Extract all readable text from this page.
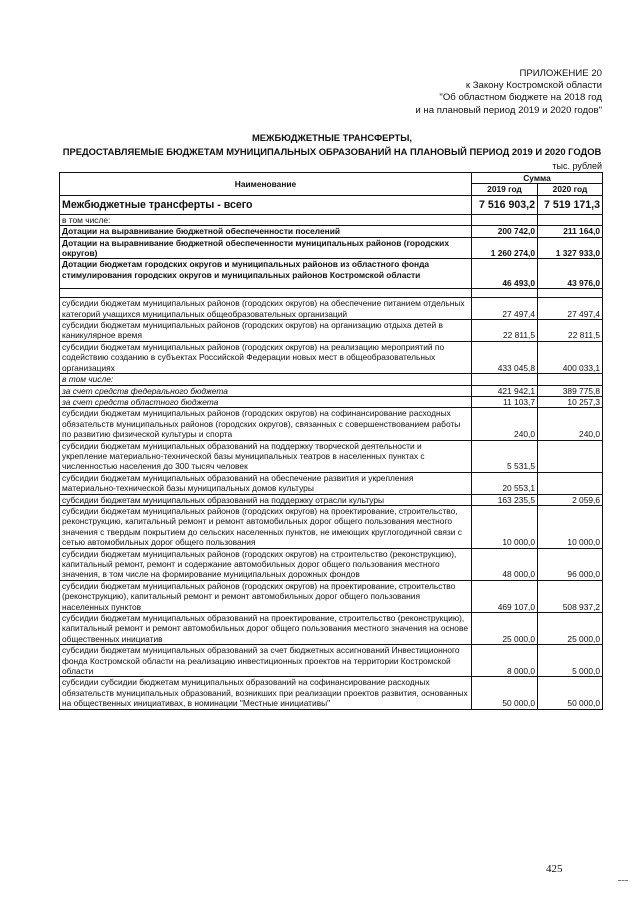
ПРИЛОЖЕНИЕ 20
к Закону Костромской области
"Об областном бюджете на 2018 год
и на плановый период 2019 и 2020 годов"
МЕЖБЮДЖЕТНЫЕ ТРАНСФЕРТЫ,
ПРЕДОСТАВЛЯЕМЫЕ БЮДЖЕТАМ МУНИЦИПАЛЬНЫХ ОБРАЗОВАНИЙ НА ПЛАНОВЫЙ ПЕРИОД 2019 И 2020 ГОДОВ
тыс. рублей
Наименование	Сумма	
	2019 год	2020 год
Межбюджетные трансферты - всего	7 516 903,2	7 519 171,3
в том числе:		
Дотации на выравнивание бюджетной обеспеченности поселений	200 742,0	211 164,0
Дотации на выравнивание бюджетной обеспеченности муниципальных районов (городских округов)	1 260 274,0	1 327 933,0
Дотации бюджетам городских округов и муниципальных районов из областного фонда стимулирования городских округов и муниципальных районов Костромской области	46 493,0	43 976,0

субсидии бюджетам муниципальных районов (городских округов) на обеспечение питанием отдельных категорий учащихся муниципальных общеобразовательных организаций	27 497,4	27 497,4
субсидии бюджетам муниципальных районов (городских округов) на организацию отдыха детей в каникулярное время	22 811,5	22 811,5
субсидии бюджетам муниципальных районов (городских округов) на реализацию мероприятий по содействию созданию в субъектах Российской Федерации новых мест в общеобразовательных организациях	433 045,8	400 033,1
в том числе:		
за счет средств федерального бюджета	421 942,1	389 775,8
за счет средств областного бюджета	11 103,7	10 257,3
субсидии бюджетам муниципальных районов (городских округов) на софинансирование расходных обязательств муниципальных районов (городских округов), связанных с совершенствованием работы по развитию физической культуры и спорта	240,0	240,0
субсидии бюджетам муниципальных образований на поддержку творческой деятельности и укрепление материально-технической базы муниципальных театров в населенных пунктах с численностью населения до 300 тысяч человек	5 531,5	
субсидии бюджетам муниципальных образований на обеспечение развития и укрепления материально-технической базы муниципальных домов культуры	20 553,1	
субсидии бюджетам муниципальных образований на поддержку отрасли культуры	163 235,5	2 059,6
субсидии бюджетам муниципальных районов (городских округов) на проектирование, строительство, реконструкцию, капитальный ремонт и ремонт автомобильных дорог общего пользования местного значения с твердым покрытием до сельских населенных пунктов, не имеющих круглогодичной связи с сетью автомобильных дорог общего пользования	10 000,0	10 000,0
субсидии бюджетам муниципальных районов (городских округов) на строительство (реконструкцию), капитальный ремонт, ремонт и содержание автомобильных дорог общего пользования местного значения, в том числе на формирование муниципальных дорожных фондов	48 000,0	96 000,0
субсидии бюджетам муниципальных районов (городских округов) на проектирование, строительство (реконструкцию), капитальный ремонт и ремонт автомобильных дорог общего пользования населенных пунктов	469 107,0	508 937,2
субсидии бюджетам муниципальных образований на проектирование, строительство (реконструкцию), капитальный ремонт и ремонт автомобильных дорог общего пользования местного значения на основе общественных инициатив	25 000,0	25 000,0
субсидии бюджетам муниципальных образований за счет бюджетных ассигнований Инвестиционного фонда Костромской области на реализацию инвестиционных проектов на территории Костромской области	8 000,0	5 000,0
субсидии субсидии бюджетам муниципальных образований на софинансирование расходных обязательств муниципальных образований, возникших при реализации проектов развития, основанных на общественных инициативах, в номинации "Местные инициативы"	50 000,0	50 000,0
425
